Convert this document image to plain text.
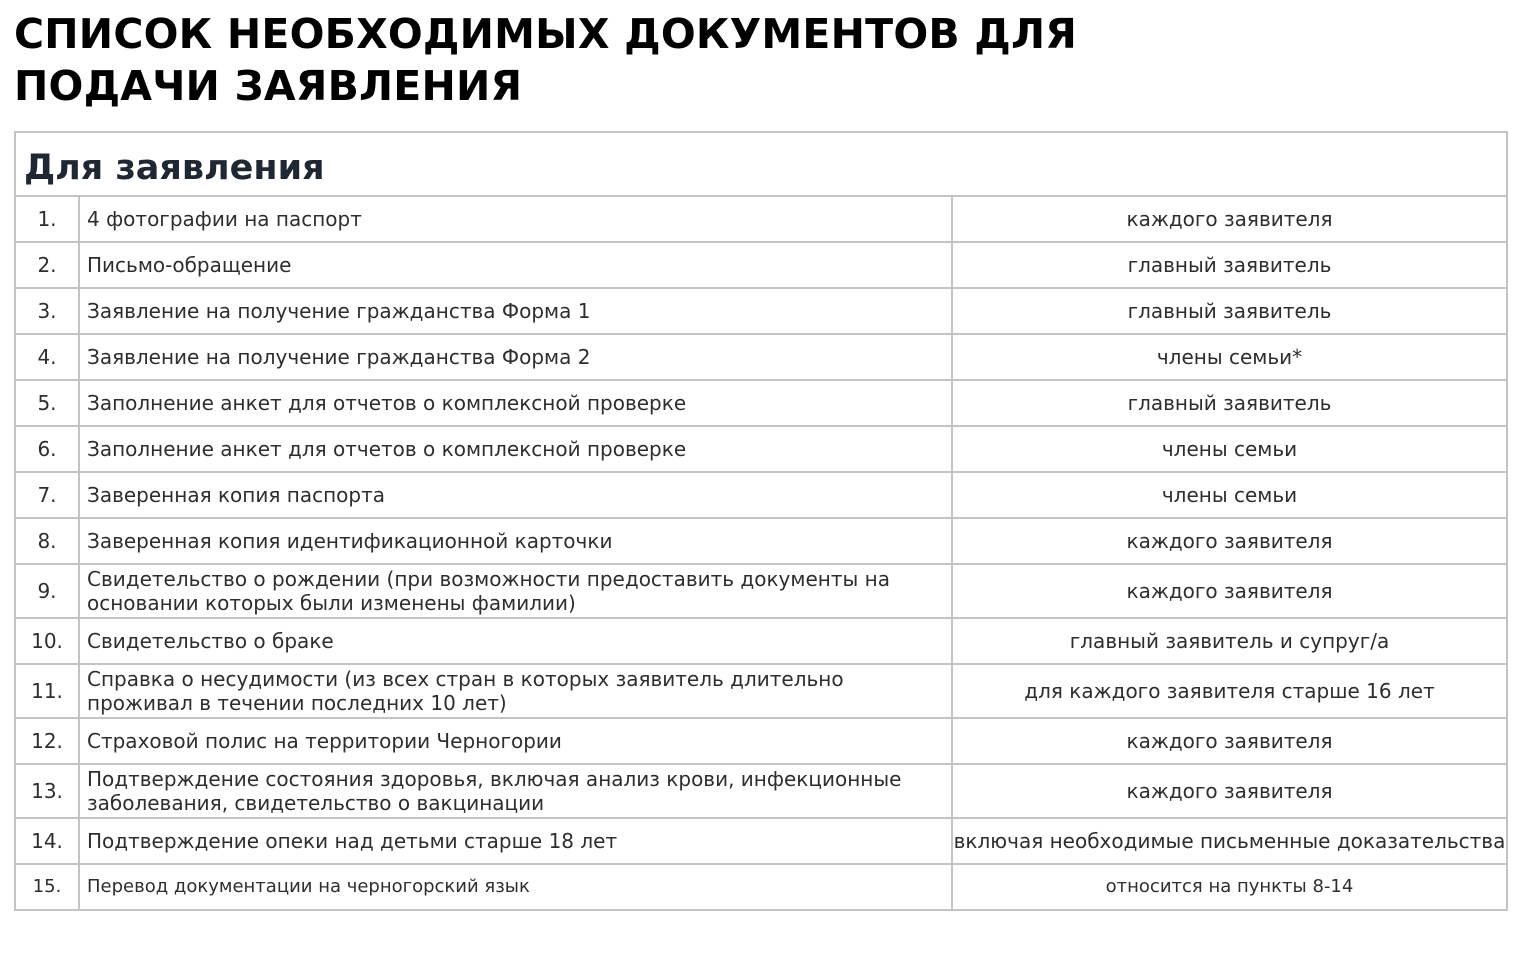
СПИСОК НЕОБХОДИМЫХ ДОКУМЕНТОВ ДЛЯ
ПОДАЧИ ЗАЯВЛЕНИЯ
Для заявления		
1.	4 фотографии на паспорт	каждого заявителя
2.	Письмо-обращение	главный заявитель
3.	Заявление на получение гражданства Форма 1	главный заявитель
4.	Заявление на получение гражданства Форма 2	члены семьи*
5.	Заполнение анкет для отчетов о комплексной проверке	главный заявитель
6.	Заполнение анкет для отчетов о комплексной проверке	члены семьи
7.	Заверенная копия паспорта	члены семьи
8.	Заверенная копия идентификационной карточки	каждого заявителя
9.	Свидетельство о рождении (при возможности предоставить документы на основании которых были изменены фамилии)	каждого заявителя
10.	Свидетельство о браке	главный заявитель и супруг/а
11.	Справка о несудимости (из всех стран в которых заявитель длительно проживал в течении последних 10 лет)	для каждого заявителя старше 16 лет
12.	Страховой полис на территории Черногории	каждого заявителя
13.	Подтверждение состояния здоровья, включая анализ крови, инфекционные заболевания, свидетельство о вакцинации	каждого заявителя
14.	Подтверждение опеки над детьми старше 18 лет	включая необходимые письменные доказательства
15.	Перевод документации на черногорский язык	относится на пункты 8-14
